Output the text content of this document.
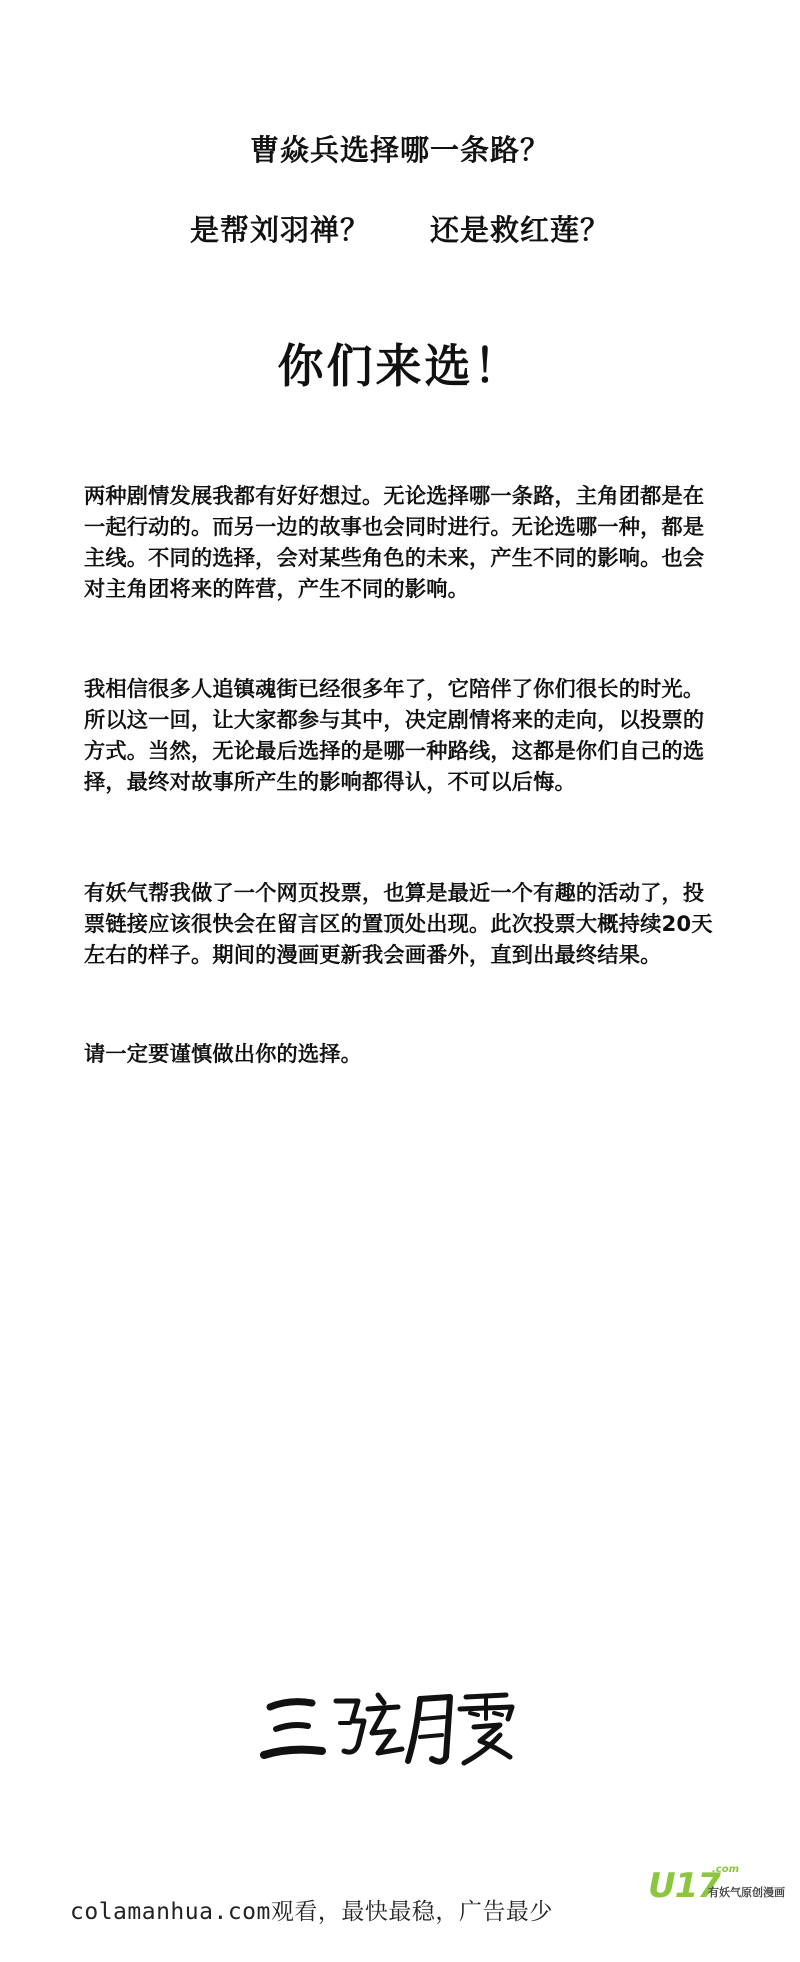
曹焱兵选择哪一条路？
是帮刘羽禅？ 还是救红莲？
你们来选！

两种剧情发展我都有好好想过。无论选择哪一条路，主角团都是在一起行动的。而另一边的故事也会同时进行。无论选哪一种，都是主线。不同的选择，会对某些角色的未来，产生不同的影响。也会对主角团将来的阵营，产生不同的影响。

我相信很多人追镇魂街已经很多年了，它陪伴了你们很长的时光。所以这一回，让大家都参与其中，决定剧情将来的走向，以投票的方式。当然，无论最后选择的是哪一种路线，这都是你们自己的选择，最终对故事所产生的影响都得认，不可以后悔。

有妖气帮我做了一个网页投票，也算是最近一个有趣的活动了，投票链接应该很快会在留言区的置顶处出现。此次投票大概持续20天左右的样子。期间的漫画更新我会画番外，直到出最终结果。

请一定要谨慎做出你的选择。

colamanhua.com观看，最快最稳，广告最少
U17
.com
有妖气原创漫画
